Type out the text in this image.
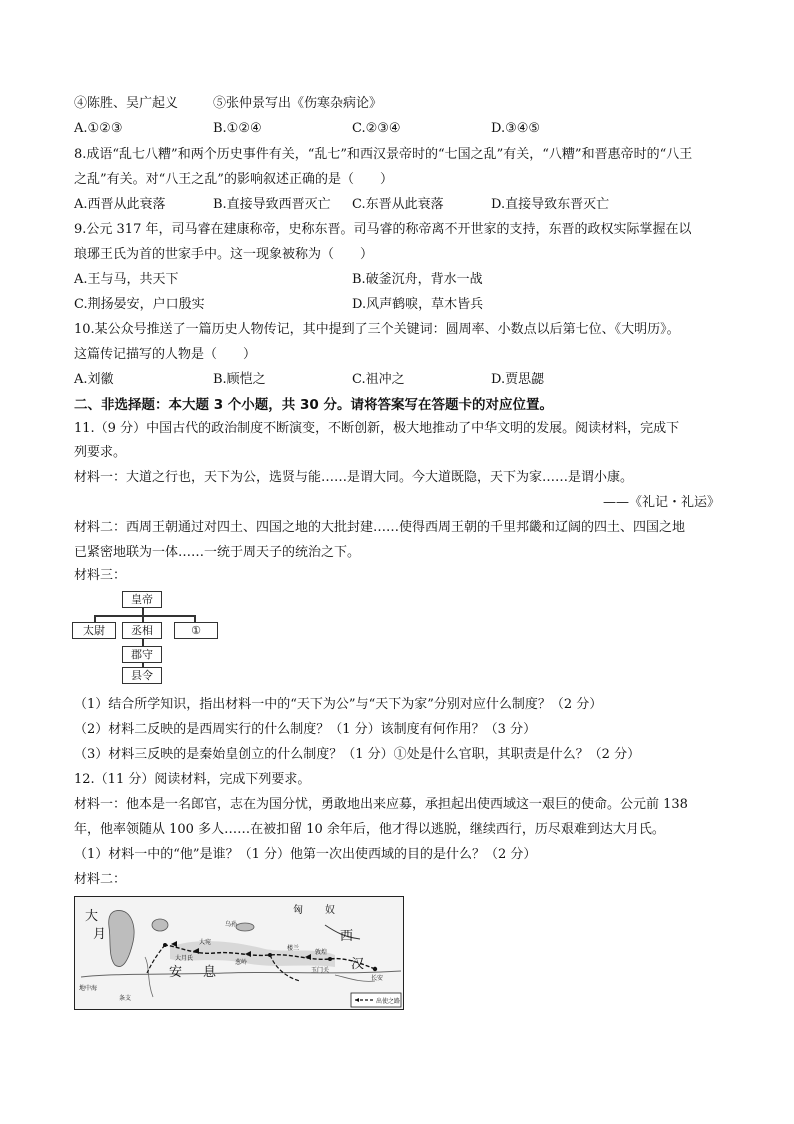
④陈胜、吴广起义	⑤张仲景写出《伤寒杂病论》
A.①②③	B.①②④	C.②③④	D.③④⑤
8.成语“乱七八糟”和两个历史事件有关，“乱七”和西汉景帝时的“七国之乱”有关，“八糟”和晋惠帝时的“八王
之乱”有关。对“八王之乱”的影响叙述正确的是（　　）
A.西晋从此衰落	B.直接导致西晋灭亡 C.东晋从此衰落	D.直接导致东晋灭亡
9.公元 317 年，司马睿在建康称帝，史称东晋。司马睿的称帝离不开世家的支持，东晋的政权实际掌握在以
琅琊王氏为首的世家手中。这一现象被称为（　　）
A.王与马，共天下	B.破釜沉舟，背水一战
C.荆扬晏安，户口殷实	D.风声鹤唳，草木皆兵
10.某公众号推送了一篇历史人物传记，其中提到了三个关键词：圆周率、小数点以后第七位、《大明历》。
这篇传记描写的人物是（　　）
A.刘徽	B.顾恺之	C.祖冲之	D.贾思勰
二、非选择题：本大题 3 个小题，共 30 分。请将答案写在答题卡的对应位置。
11.（9 分）中国古代的政治制度不断演变，不断创新，极大地推动了中华文明的发展。阅读材料，完成下
列要求。
材料一：大道之行也，天下为公，选贤与能……是谓大同。今大道既隐，天下为家……是谓小康。
——《礼记・礼运》
材料二：西周王朝通过对四土、四国之地的大批封建……使得西周王朝的千里邦畿和辽阔的四土、四国之地
已紧密地联为一体……一统于周天子的统治之下。
材料三：
皇帝
太尉	丞相	①
郡守
县令
（1）结合所学知识，指出材料一中的“天下为公”与“天下为家”分别对应什么制度？（2 分）
（2）材料二反映的是西周实行的什么制度？（1 分）该制度有何作用？（3 分）
（3）材料三反映的是秦始皇创立的什么制度？（1 分）①处是什么官职，其职责是什么？（2 分）
12.（11 分）阅读材料，完成下列要求。
材料一：他本是一名郎官，志在为国分忧，勇敢地出来应募，承担起出使西域这一艰巨的使命。公元前 138
年，他率领随从 100 多人……在被扣留 10 余年后，他才得以逃脱，继续西行，历尽艰难到达大月氏。
（1）材料一中的“他”是谁？（1 分）他第一次出使西域的目的是什么？（2 分）
材料二：
匈 奴
西
汉
大
月
安 息
乌孙
大宛
楼兰
敦煌
玉门关
长安
条支
地中海
葱岭
大月氏
出使之路
